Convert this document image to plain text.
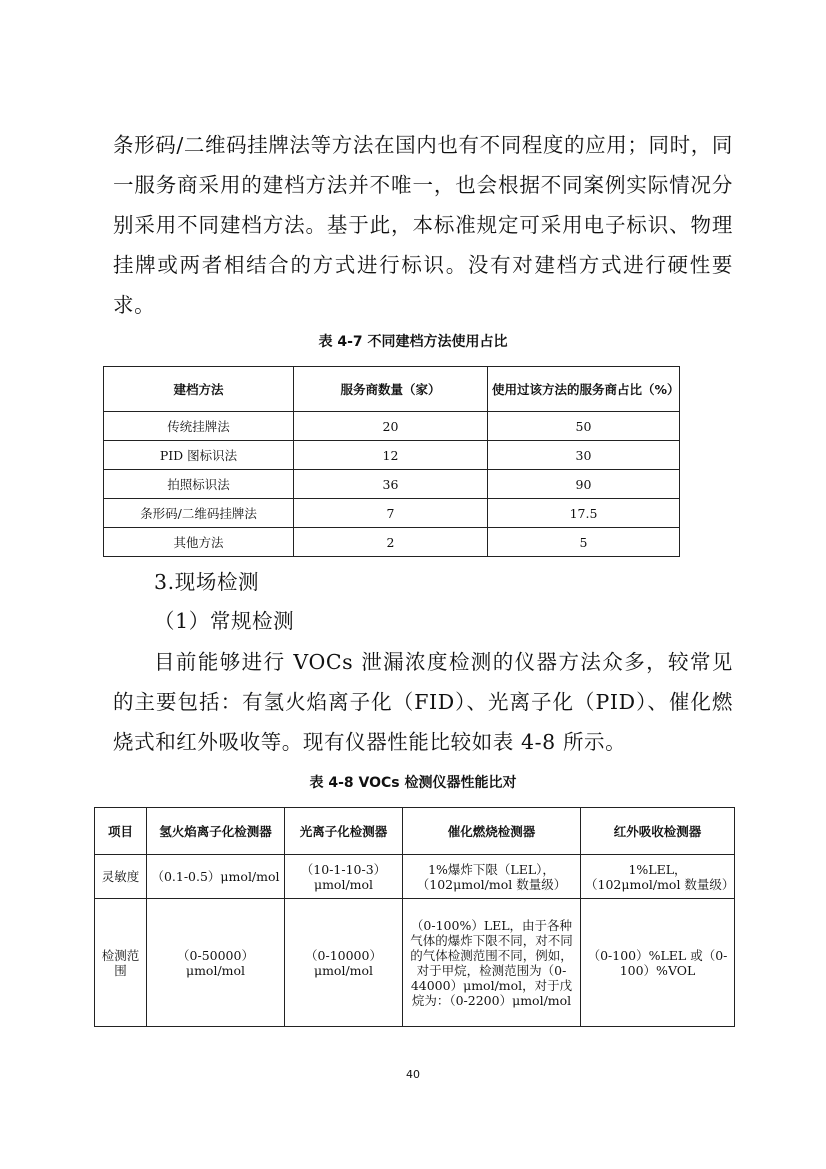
条形码/二维码挂牌法等方法在国内也有不同程度的应用；同时，同一服务商采用的建档方法并不唯一，也会根据不同案例实际情况分别采用不同建档方法。基于此，本标准规定可采用电子标识、物理挂牌或两者相结合的方式进行标识。没有对建档方式进行硬性要求。

表 4-7 不同建档方法使用占比

建档方法	服务商数量（家）	使用过该方法的服务商占比（%）
传统挂牌法	20	50
PID 图标识法	12	30
拍照标识法	36	90
条形码/二维码挂牌法	7	17.5
其他方法	2	5

3.现场检测

（1）常规检测

目前能够进行 VOCs 泄漏浓度检测的仪器方法众多，较常见的主要包括：有氢火焰离子化（FID）、光离子化（PID）、催化燃烧式和红外吸收等。现有仪器性能比较如表 4-8 所示。

表 4-8 VOCs 检测仪器性能比对

项目	氢火焰离子化检测器	光离子化检测器	催化燃烧检测器	红外吸收检测器
灵敏度	（0.1-0.5）μmol/mol	（10-1-10-3）μmol/mol	1%爆炸下限（LEL），（102μmol/mol 数量级）	1%LEL，（102μmol/mol 数量级）
检测范围	（0-50000）μmol/mol	（0-10000）μmol/mol	（0-100%）LEL，由于各种气体的爆炸下限不同，对不同的气体检测范围不同，例如，对于甲烷，检测范围为（0-44000）μmol/mol，对于戊烷为：（0-2200）μmol/mol	（0-100）%LEL 或（0-100）%VOL
40
